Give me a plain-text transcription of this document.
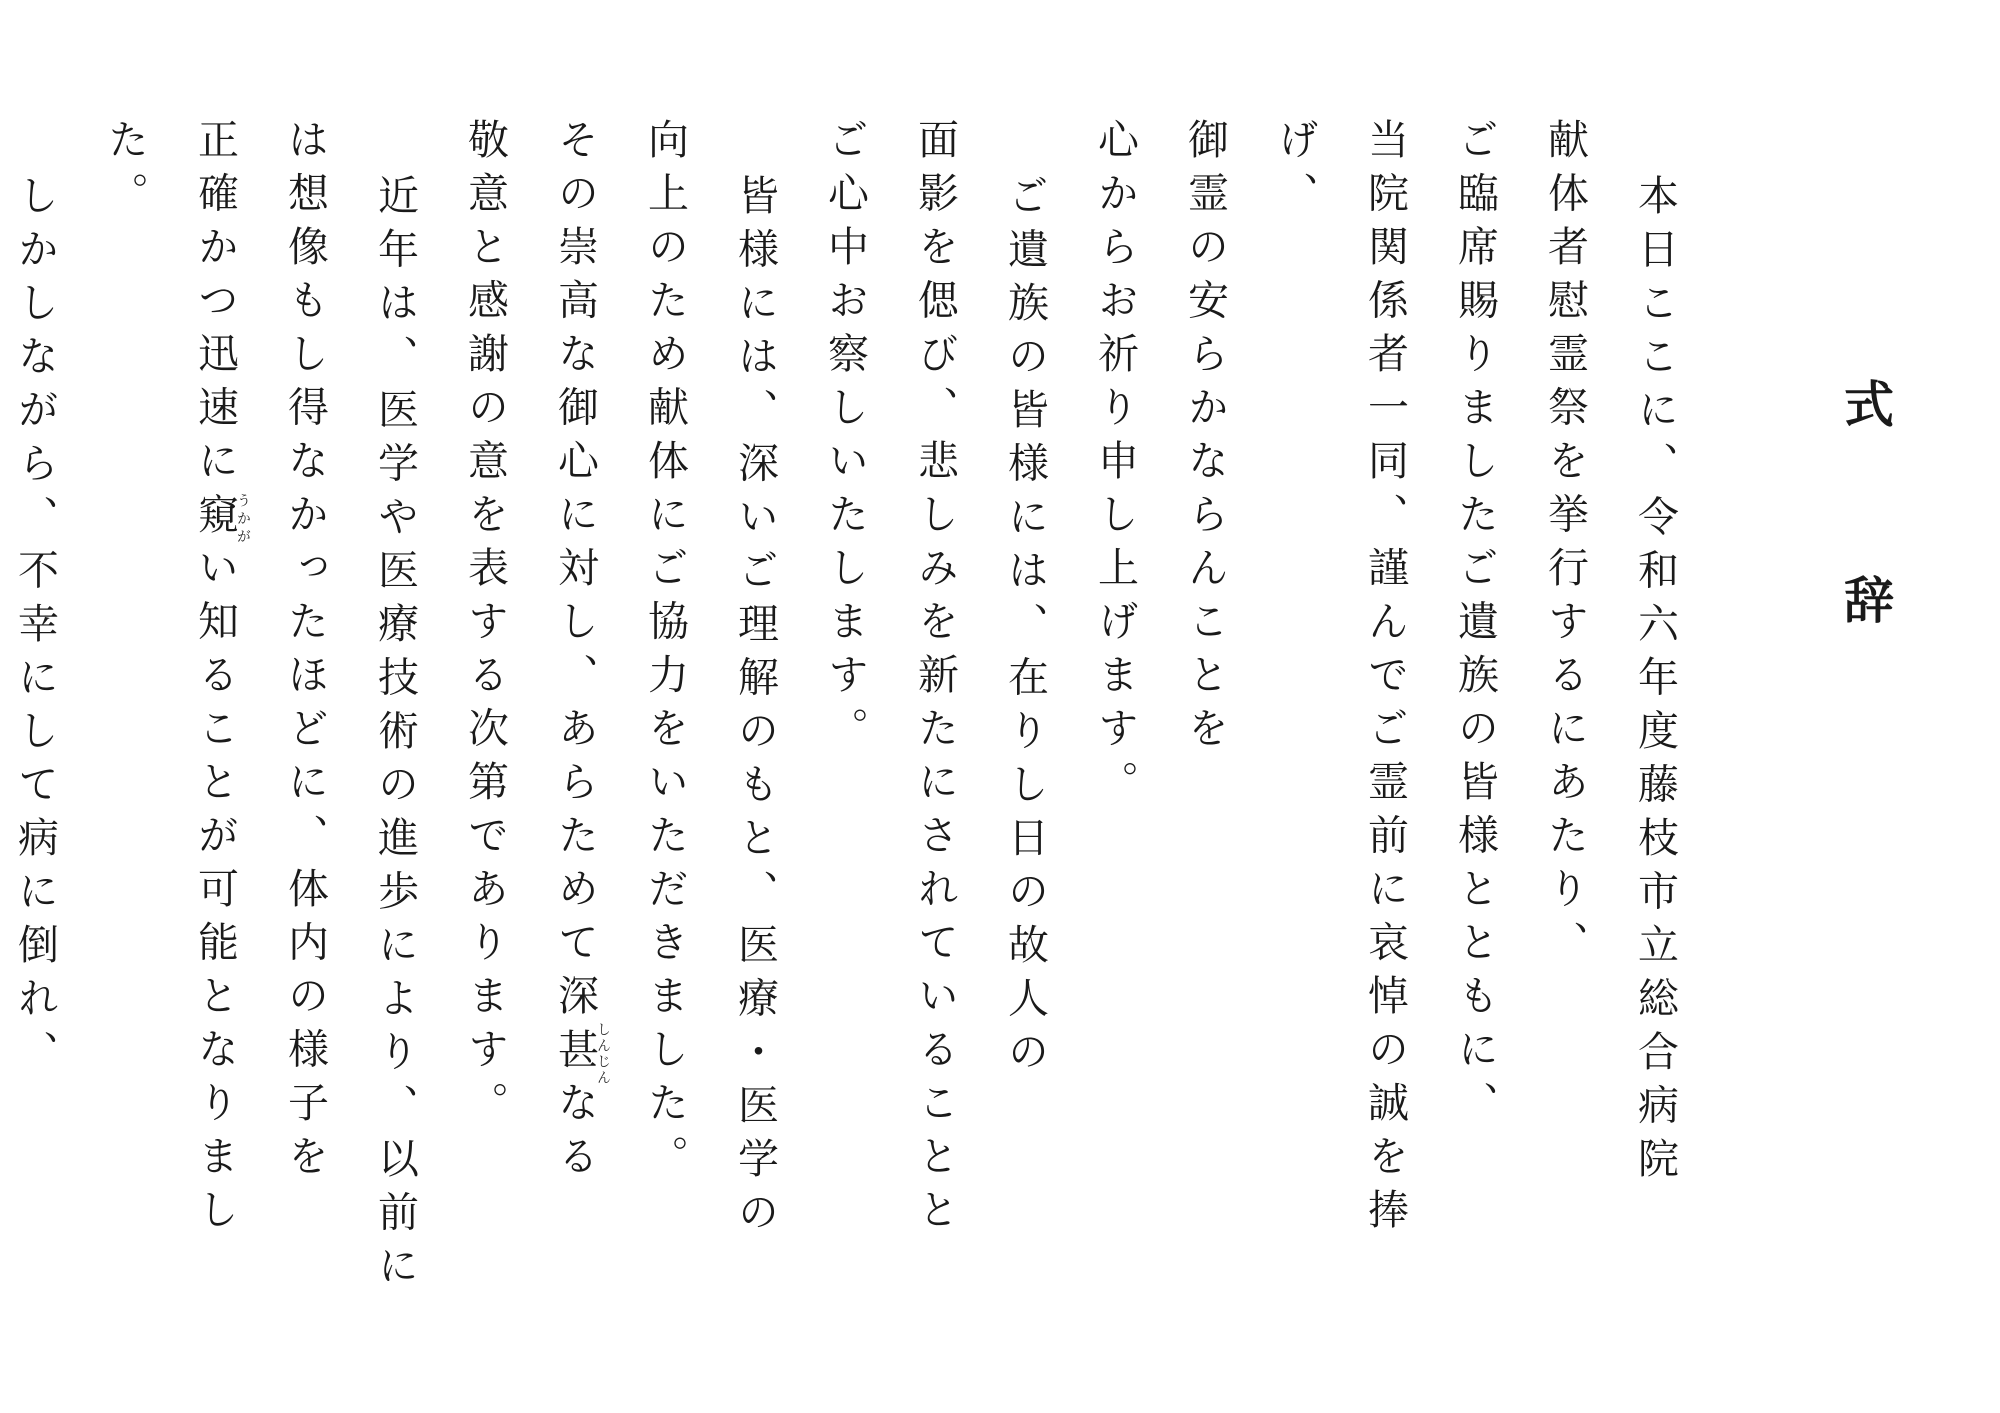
式　辞

本日ここに、令和六年度藤枝市立総合病院

献体者慰霊祭を挙行するにあたり、

ご臨席賜りましたご遺族の皆様とともに、

当院関係者一同、謹んでご霊前に哀悼の誠を捧げ、

御霊の安らかならんことを

心からお祈り申し上げます。

ご遺族の皆様には、在りし日の故人の

面影を偲び、悲しみを新たにされていることと

ご心中お察しいたします。

皆様には、深いご理解のもと、医療・医学の

向上のため献体にご協力をいただきました。

その崇高な御心に対し、あらためて深甚しんじんなる

敬意と感謝の意を表する次第であります。

近年は、医学や医療技術の進歩により、以前に

は想像もし得なかったほどに、体内の様子を

正確かつ迅速に窺うかがい知ることが可能となりました。

しかしながら、不幸にして病に倒れ、
